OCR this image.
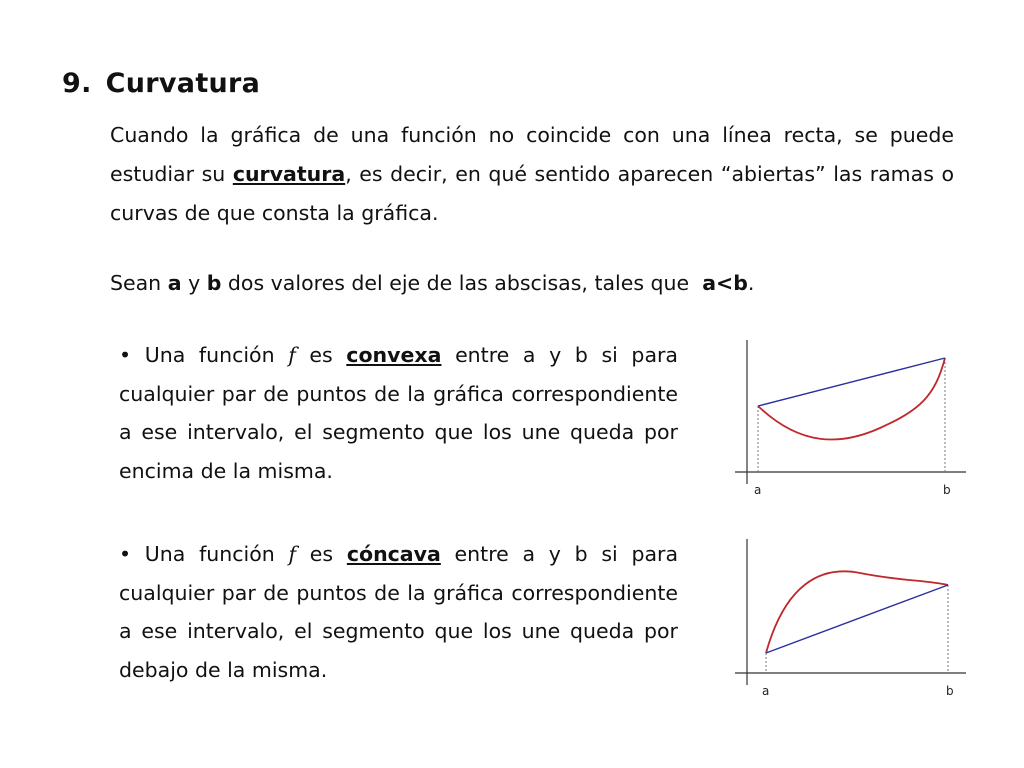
9. Curvatura

Cuando la gráfica de una función no coincide con una línea recta, se puede estudiar su curvatura, es decir, en qué sentido aparecen “abiertas” las ramas o curvas de que consta la gráfica.

Sean a y b dos valores del eje de las abscisas, tales que  a<b.

• Una función f es convexa entre a y b si para cualquier par de puntos de la gráfica correspondiente a ese intervalo, el segmento que los une queda por encima de la misma.

• Una función f es cóncava entre a y b si para cualquier par de puntos de la gráfica correspondiente a ese intervalo, el segmento que los une queda por debajo de la misma.

a	b
a	b
